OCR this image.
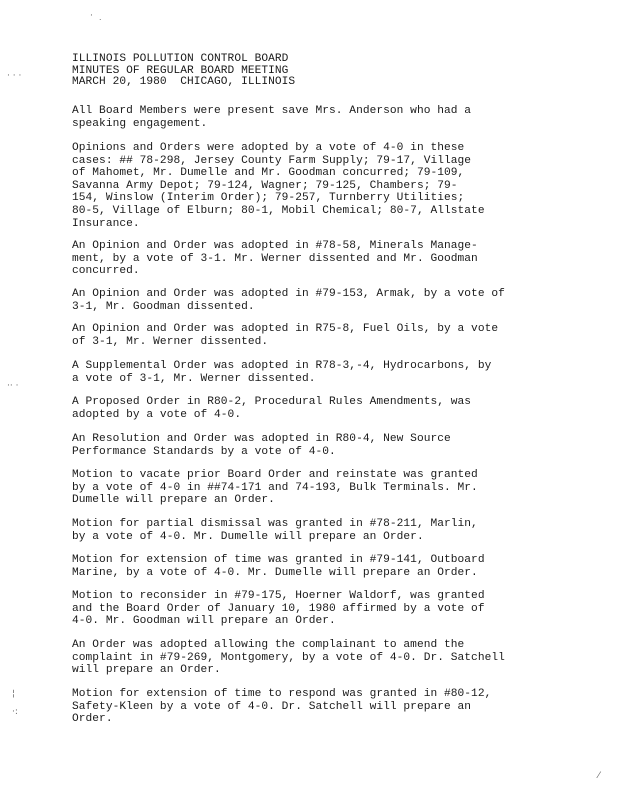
ILLINOIS POLLUTION CONTROL BOARD
MINUTES OF REGULAR BOARD MEETING
MARCH 20, 1980  CHICAGO, ILLINOIS
All Board Members were present save Mrs. Anderson who had a
speaking engagement.
Opinions and Orders were adopted by a vote of 4-0 in these
cases: ## 78-298, Jersey County Farm Supply; 79-17, Village
of Mahomet, Mr. Dumelle and Mr. Goodman concurred; 79-109,
Savanna Army Depot; 79-124, Wagner; 79-125, Chambers; 79-
154, Winslow (Interim Order); 79-257, Turnberry Utilities;
80-5, Village of Elburn; 80-1, Mobil Chemical; 80-7, Allstate
Insurance.
An Opinion and Order was adopted in #78-58, Minerals Manage-
ment, by a vote of 3-1. Mr. Werner dissented and Mr. Goodman
concurred.
An Opinion and Order was adopted in #79-153, Armak, by a vote of
3-1, Mr. Goodman dissented.
An Opinion and Order was adopted in R75-8, Fuel Oils, by a vote
of 3-1, Mr. Werner dissented.
A Supplemental Order was adopted in R78-3,-4, Hydrocarbons, by
a vote of 3-1, Mr. Werner dissented.
A Proposed Order in R80-2, Procedural Rules Amendments, was
adopted by a vote of 4-0.
An Resolution and Order was adopted in R80-4, New Source
Performance Standards by a vote of 4-0.
Motion to vacate prior Board Order and reinstate was granted
by a vote of 4-0 in ##74-171 and 74-193, Bulk Terminals. Mr.
Dumelle will prepare an Order.
Motion for partial dismissal was granted in #78-211, Marlin,
by a vote of 4-0. Mr. Dumelle will prepare an Order.
Motion for extension of time was granted in #79-141, Outboard
Marine, by a vote of 4-0. Mr. Dumelle will prepare an Order.
Motion to reconsider in #79-175, Hoerner Waldorf, was granted
and the Board Order of January 10, 1980 affirmed by a vote of
4-0. Mr. Goodman will prepare an Order.
An Order was adopted allowing the complainant to amend the
complaint in #79-269, Montgomery, by a vote of 4-0. Dr. Satchell
will prepare an Order.
Motion for extension of time to respond was granted in #80-12,
Safety-Kleen by a vote of 4-0. Dr. Satchell will prepare an
Order.
·
˙
· · ·
·· ·
¦
·:
⁄
